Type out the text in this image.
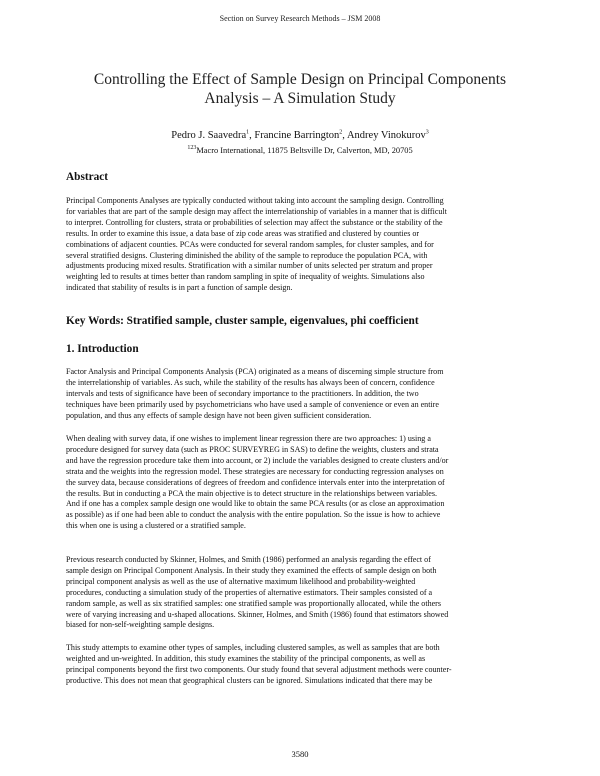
Section on Survey Research Methods – JSM 2008
Controlling the Effect of Sample Design on Principal Components
Analysis – A Simulation Study
Pedro J. Saavedra$^1$, Francine Barrington$^2$, Andrey Vinokurov$^3$
$^{123}$Macro International, 11875 Beltsville Dr, Calverton, MD, 20705
Abstract
Principal Components Analyses are typically conducted without taking into account the sampling design. Controlling
for variables that are part of the sample design may affect the interrelationship of variables in a manner that is difficult
to interpret. Controlling for clusters, strata or probabilities of selection may affect the substance or the stability of the
results. In order to examine this issue, a data base of zip code areas was stratified and clustered by counties or
combinations of adjacent counties. PCAs were conducted for several random samples, for cluster samples, and for
several stratified designs. Clustering diminished the ability of the sample to reproduce the population PCA, with
adjustments producing mixed results. Stratification with a similar number of units selected per stratum and proper
weighting led to results at times better than random sampling in spite of inequality of weights. Simulations also
indicated that stability of results is in part a function of sample design.
Key Words: Stratified sample, cluster sample, eigenvalues, phi coefficient
1. Introduction
Factor Analysis and Principal Components Analysis (PCA) originated as a means of discerning simple structure from
the interrelationship of variables. As such, while the stability of the results has always been of concern, confidence
intervals and tests of significance have been of secondary importance to the practitioners. In addition, the two
techniques have been primarily used by psychometricians who have used a sample of convenience or even an entire
population, and thus any effects of sample design have not been given sufficient consideration.
When dealing with survey data, if one wishes to implement linear regression there are two approaches: 1) using a
procedure designed for survey data (such as PROC SURVEYREG in SAS) to define the weights, clusters and strata
and have the regression procedure take them into account, or 2) include the variables designed to create clusters and/or
strata and the weights into the regression model. These strategies are necessary for conducting regression analyses on
the survey data, because considerations of degrees of freedom and confidence intervals enter into the interpretation of
the results. But in conducting a PCA the main objective is to detect structure in the relationships between variables.
And if one has a complex sample design one would like to obtain the same PCA results (or as close an approximation
as possible) as if one had been able to conduct the analysis with the entire population. So the issue is how to achieve
this when one is using a clustered or a stratified sample.
Previous research conducted by Skinner, Holmes, and Smith (1986) performed an analysis regarding the effect of
sample design on Principal Component Analysis. In their study they examined the effects of sample design on both
principal component analysis as well as the use of alternative maximum likelihood and probability-weighted
procedures, conducting a simulation study of the properties of alternative estimators. Their samples consisted of a
random sample, as well as six stratified samples: one stratified sample was proportionally allocated, while the others
were of varying increasing and u-shaped allocations. Skinner, Holmes, and Smith (1986) found that estimators showed
biased for non-self-weighting sample designs.
This study attempts to examine other types of samples, including clustered samples, as well as samples that are both
weighted and un-weighted. In addition, this study examines the stability of the principal components, as well as
principal components beyond the first two components. Our study found that several adjustment methods were counter-
productive. This does not mean that geographical clusters can be ignored. Simulations indicated that there may be
3580
